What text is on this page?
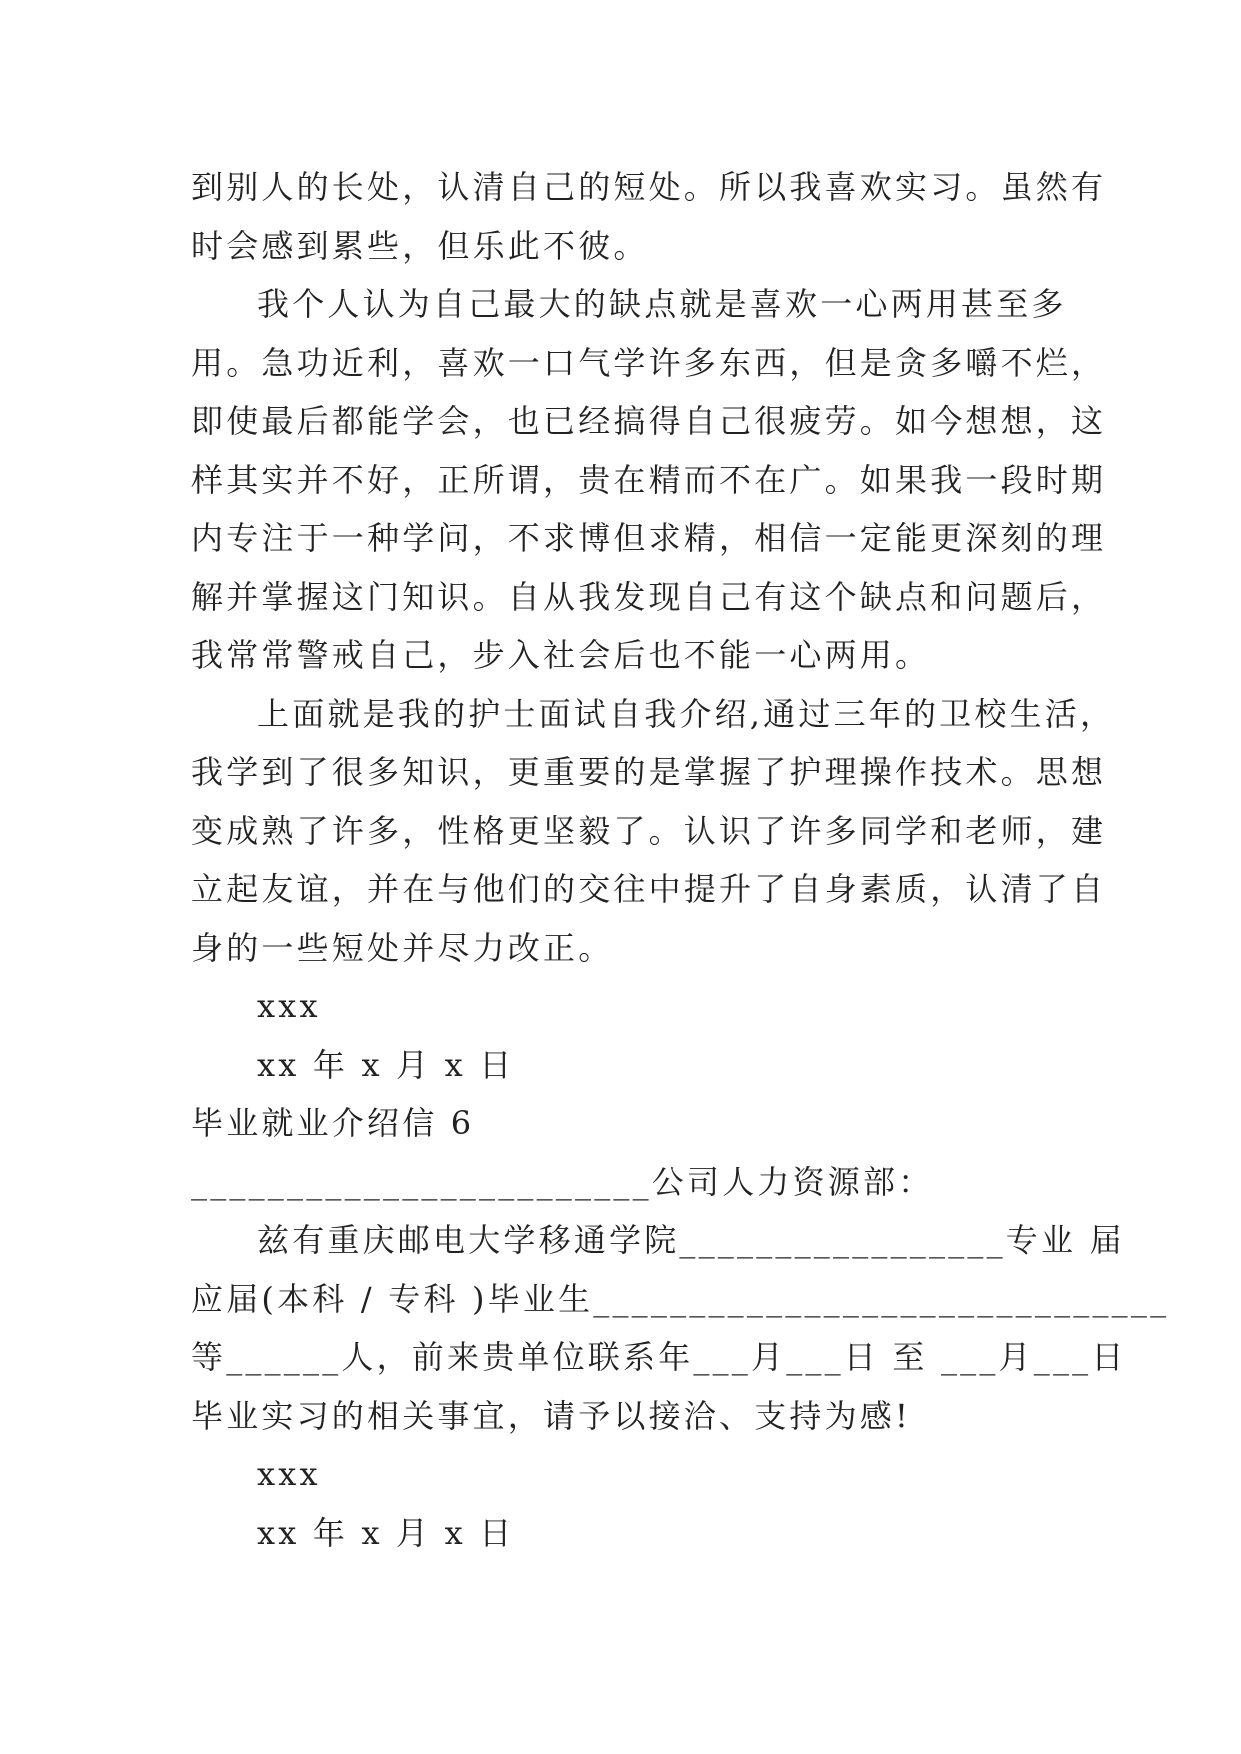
到别人的长处，认清自己的短处。所以我喜欢实习。虽然有
时会感到累些，但乐此不彼。
我个人认为自己最大的缺点就是喜欢一心两用甚至多
用。急功近利，喜欢一口气学许多东西，但是贪多嚼不烂，
即使最后都能学会，也已经搞得自己很疲劳。如今想想，这
样其实并不好，正所谓，贵在精而不在广。如果我一段时期
内专注于一种学问，不求博但求精，相信一定能更深刻的理
解并掌握这门知识。自从我发现自己有这个缺点和问题后，
我常常警戒自己，步入社会后也不能一心两用。
上面就是我的护士面试自我介绍,通过三年的卫校生活，
我学到了很多知识，更重要的是掌握了护理操作技术。思想
变成熟了许多，性格更坚毅了。认识了许多同学和老师，建
立起友谊，并在与他们的交往中提升了自身素质，认清了自
身的一些短处并尽力改正。
xxx
xx 年 x 月 x 日
毕业就业介绍信 6
________________________公司人力资源部：
兹有重庆邮电大学移通学院_________________专业 届
应届(本科 / 专科 )毕业生______________________________
等______人，前来贵单位联系年___月___日 至 ___月___日
毕业实习的相关事宜，请予以接洽、支持为感!
xxx
xx 年 x 月 x 日
